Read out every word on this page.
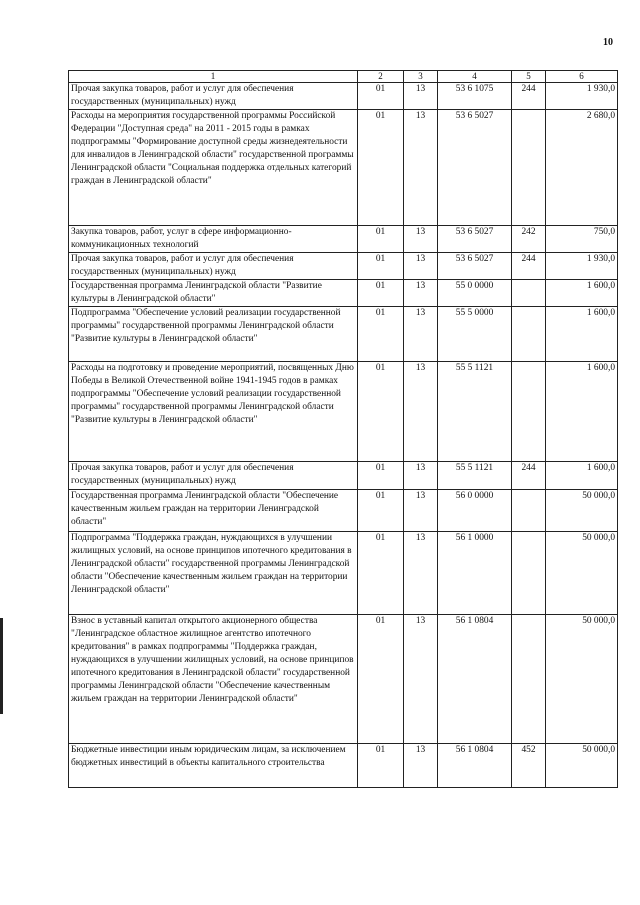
10
1	2	3	4	5	6
Прочая закупка товаров, работ и услуг для обеспечения государственных (муниципальных) нужд	01	13	53 6 1075	244	1 930,0
Расходы на мероприятия государственной программы Российской Федерации "Доступная среда" на 2011 - 2015 годы в рамках подпрограммы "Формирование доступной среды жизнедеятельности для инвалидов в Ленинградской области" государственной программы Ленинградской области "Социальная поддержка отдельных категорий граждан в Ленинградской области"	01	13	53 6 5027		2 680,0
Закупка товаров, работ, услуг в сфере информационно-коммуникационных технологий	01	13	53 6 5027	242	750,0
Прочая закупка товаров, работ и услуг для обеспечения государственных (муниципальных) нужд	01	13	53 6 5027	244	1 930,0
Государственная программа Ленинградской области "Развитие культуры в Ленинградской области"	01	13	55 0 0000		1 600,0
Подпрограмма "Обеспечение условий реализации государственной программы" государственной программы Ленинградской области "Развитие культуры в Ленинградской области"	01	13	55 5 0000		1 600,0
Расходы на подготовку и проведение мероприятий, посвященных Дню Победы в Великой Отечественной войне 1941-1945 годов в рамках подпрограммы "Обеспечение условий реализации государственной программы" государственной программы Ленинградской области "Развитие культуры в Ленинградской области"	01	13	55 5 1121		1 600,0
Прочая закупка товаров, работ и услуг для обеспечения государственных (муниципальных) нужд	01	13	55 5 1121	244	1 600,0
Государственная программа Ленинградской области "Обеспечение качественным жильем граждан на территории Ленинградской области"	01	13	56 0 0000		50 000,0
Подпрограмма "Поддержка граждан, нуждающихся в улучшении жилищных условий, на основе принципов ипотечного кредитования в Ленинградской области" государственной программы Ленинградской области "Обеспечение качественным жильем граждан на территории Ленинградской области"	01	13	56 1 0000		50 000,0
Взнос в уставный капитал открытого акционерного общества "Ленинградское областное жилищное агентство ипотечного кредитования" в рамках подпрограммы "Поддержка граждан, нуждающихся в улучшении жилищных условий, на основе принципов ипотечного кредитования в Ленинградской области" государственной программы Ленинградской области "Обеспечение качественным жильем граждан на территории Ленинградской области"	01	13	56 1 0804		50 000,0
Бюджетные инвестиции иным юридическим лицам, за исключением бюджетных инвестиций в объекты капитального строительства	01	13	56 1 0804	452	50 000,0
